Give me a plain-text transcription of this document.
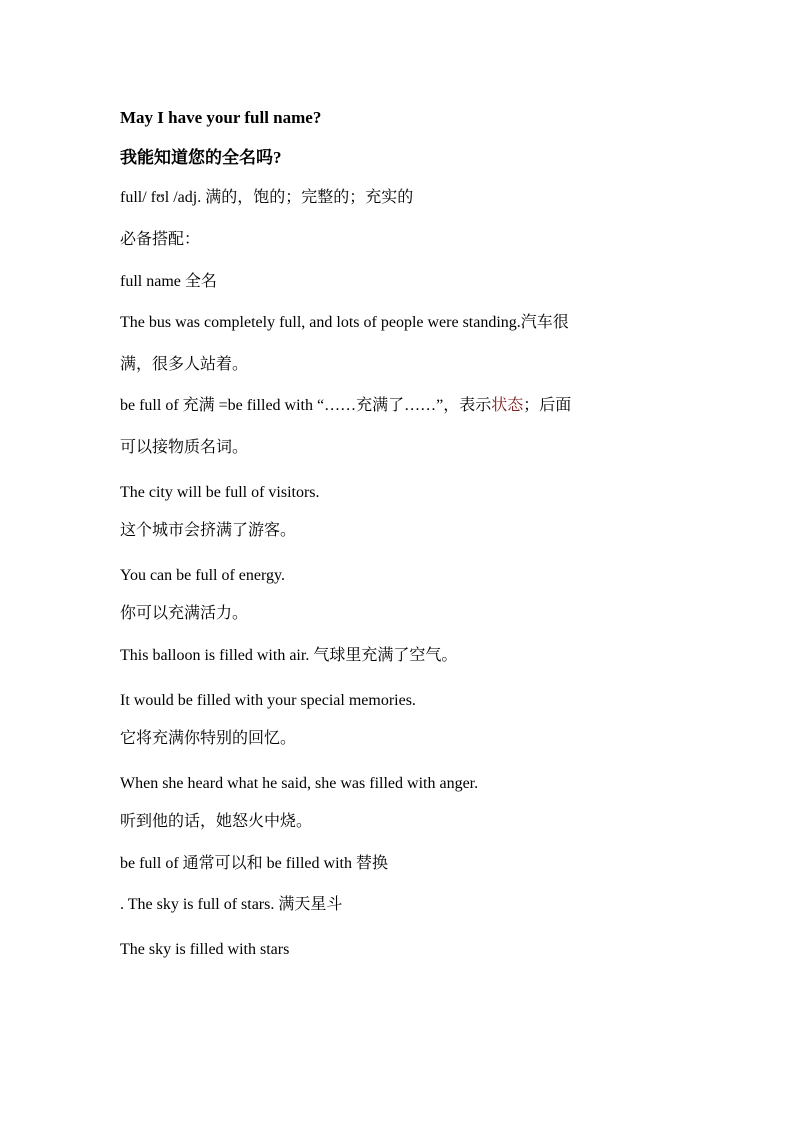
May I have your full name?
我能知道您的全名吗?
full/ fʊl /adj. 满的，饱的；完整的；充实的
必备搭配：
full name 全名
The bus was completely full, and lots of people were standing.汽车很
满，很多人站着。
be full of 充满 =be filled with “……充满了……”，表示状态；后面
可以接物质名词。
The city will be full of visitors.
这个城市会挤满了游客。
You can be full of energy.
你可以充满活力。
This balloon is filled with air. 气球里充满了空气。
It would be filled with your special memories.
它将充满你特别的回忆。
When she heard what he said, she was filled with anger.
听到他的话，她怒火中烧。
be full of 通常可以和 be filled with 替换
. The sky is full of stars. 满天星斗
The sky is filled with stars
